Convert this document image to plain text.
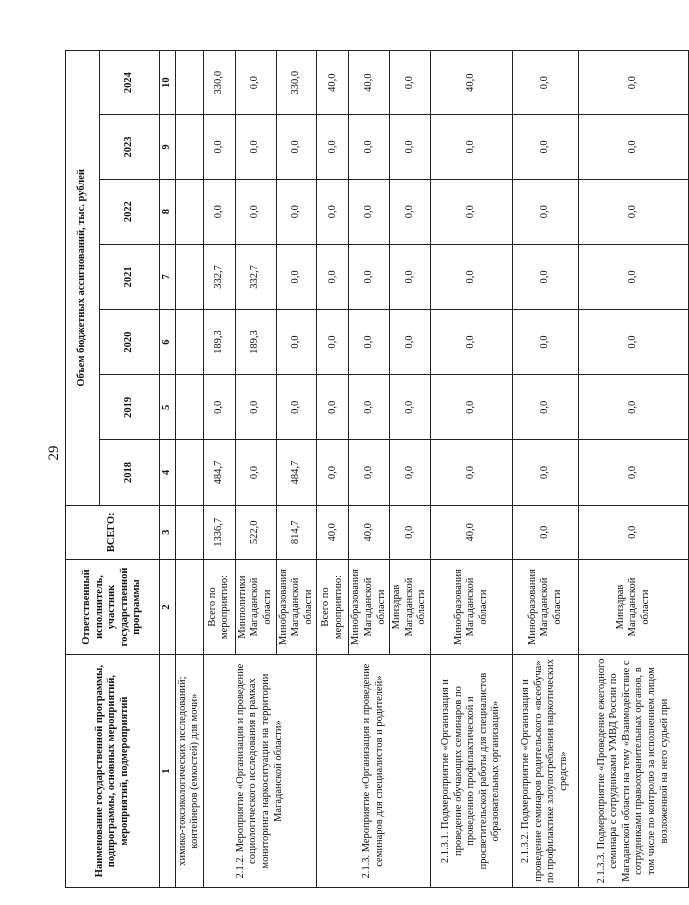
29
Наименование государственной программы, подпрограммы, основных мероприятий, мероприятий, подмероприятий	Ответственный исполнитель, участник государственной программы	ВСЕГО:	Объем бюджетных ассигнований, тыс. рублей						
			2018	2019	2020	2021	2022	2023	2024
1	2	3	4	5	6	7	8	9	10
химико-токсикологических исследований; контейнеров (емкостей) для мочи»									
2.1.2. Мероприятие «Организация и проведение социологического исследования в рамках мониторинга наркоситуации на территории Магаданской области»	Всего по мероприятию:	1336,7	484,7	0,0	189,3	332,7	0,0	0,0	330,0
	Минполитики Магаданской области	522,0	0,0	0,0	189,3	332,7	0,0	0,0	0,0
	Минобразования Магаданской области	814,7	484,7	0,0	0,0	0,0	0,0	0,0	330,0
2.1.3. Мероприятие «Организация и проведение семинаров для специалистов и родителей»	Всего по мероприятию:	40,0	0,0	0,0	0,0	0,0	0,0	0,0	40,0
	Минобразования Магаданской области	40,0	0,0	0,0	0,0	0,0	0,0	0,0	40,0
	Минздрав Магаданской области	0,0	0,0	0,0	0,0	0,0	0,0	0,0	0,0
2.1.3.1. Подмероприятие «Организация и проведение обучающих семинаров по проведению профилактической и просветительской работы для специалистов образовательных организаций»	Минобразования Магаданской области	40,0	0,0	0,0	0,0	0,0	0,0	0,0	40,0
2.1.3.2. Подмероприятие «Организация и проведение семинаров родительского «всеобуча» по профилактике злоупотребления наркотических средств»	Минобразования Магаданской области	0,0	0,0	0,0	0,0	0,0	0,0	0,0	0,0
2.1.3.3. Подмероприятие «Проведение ежегодного семинара с сотрудниками УМВД России по Магаданской области на тему «Взаимодействие с сотрудниками правоохранительных органов, в том числе по контролю за исполнением лицом возложенной на него судьей при	Минздрав Магаданской области	0,0	0,0	0,0	0,0	0,0	0,0	0,0	0,0
